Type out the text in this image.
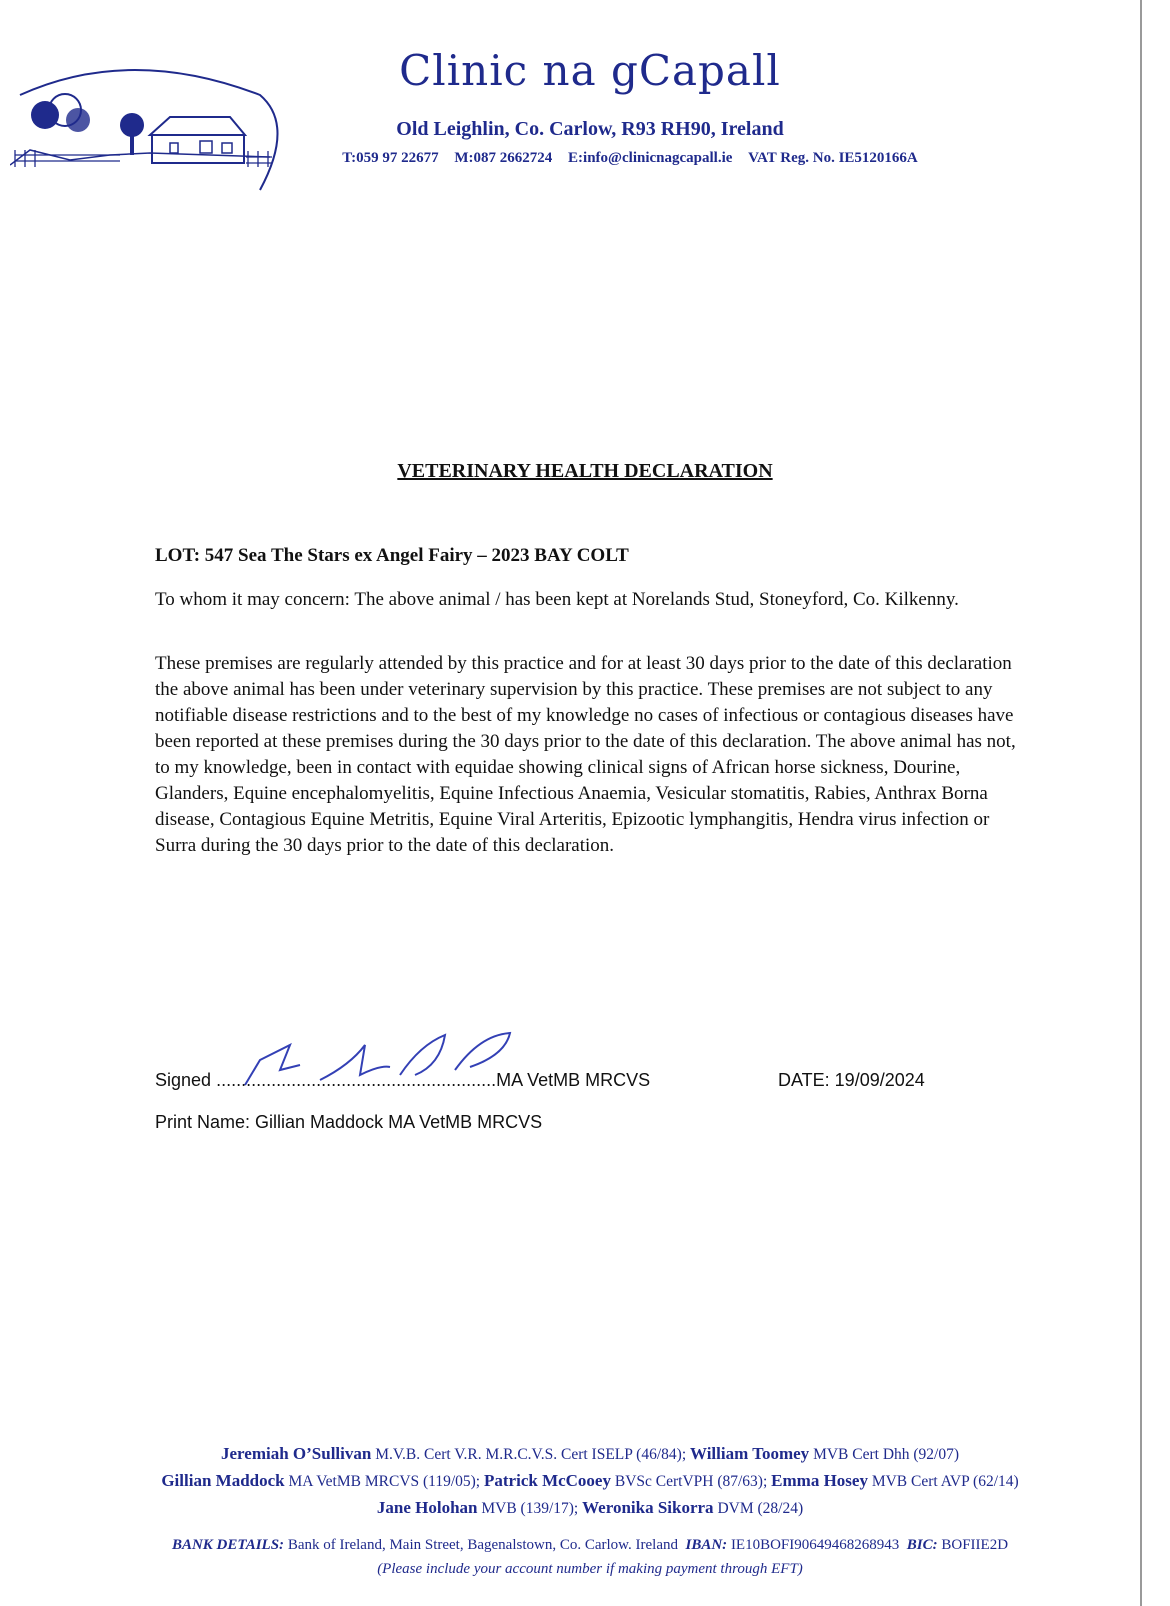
Clinic na gCapall
Old Leighlin, Co. Carlow, R93 RH90, Ireland
T:059 97 22677 M:087 2662724 E:info@clinicnagcapall.ie VAT Reg. No. IE5120166A
VETERINARY HEALTH DECLARATION
LOT: 547 Sea The Stars ex Angel Fairy – 2023 BAY COLT

To whom it may concern: The above animal / has been kept at Norelands Stud, Stoneyford, Co. Kilkenny.

These premises are regularly attended by this practice and for at least 30 days prior to the date of this declaration the above animal has been under veterinary supervision by this practice. These premises are not subject to any notifiable disease restrictions and to the best of my knowledge no cases of infectious or contagious diseases have been reported at these premises during the 30 days prior to the date of this declaration. The above animal has not, to my knowledge, been in contact with equidae showing clinical signs of African horse sickness, Dourine, Glanders, Equine encephalomyelitis, Equine Infectious Anaemia, Vesicular stomatitis, Rabies, Anthrax Borna disease, Contagious Equine Metritis, Equine Viral Arteritis, Epizootic lymphangitis, Hendra virus infection or Surra during the 30 days prior to the date of this declaration.

Signed ........................................................MA VetMB MRCVS	DATE: 19/09/2024
Print Name: Gillian Maddock MA VetMB MRCVS
Jeremiah O’Sullivan M.V.B. Cert V.R. M.R.C.V.S. Cert ISELP (46/84); William Toomey MVB Cert Dhh (92/07)
Gillian Maddock MA VetMB MRCVS (119/05); Patrick McCooey BVSc CertVPH (87/63); Emma Hosey MVB Cert AVP (62/14)
Jane Holohan MVB (139/17); Weronika Sikorra DVM (28/24)
BANK DETAILS: Bank of Ireland, Main Street, Bagenalstown, Co. Carlow. Ireland IBAN: IE10BOFI90649468268943 BIC: BOFIIE2D
(Please include your account number if making payment through EFT)
